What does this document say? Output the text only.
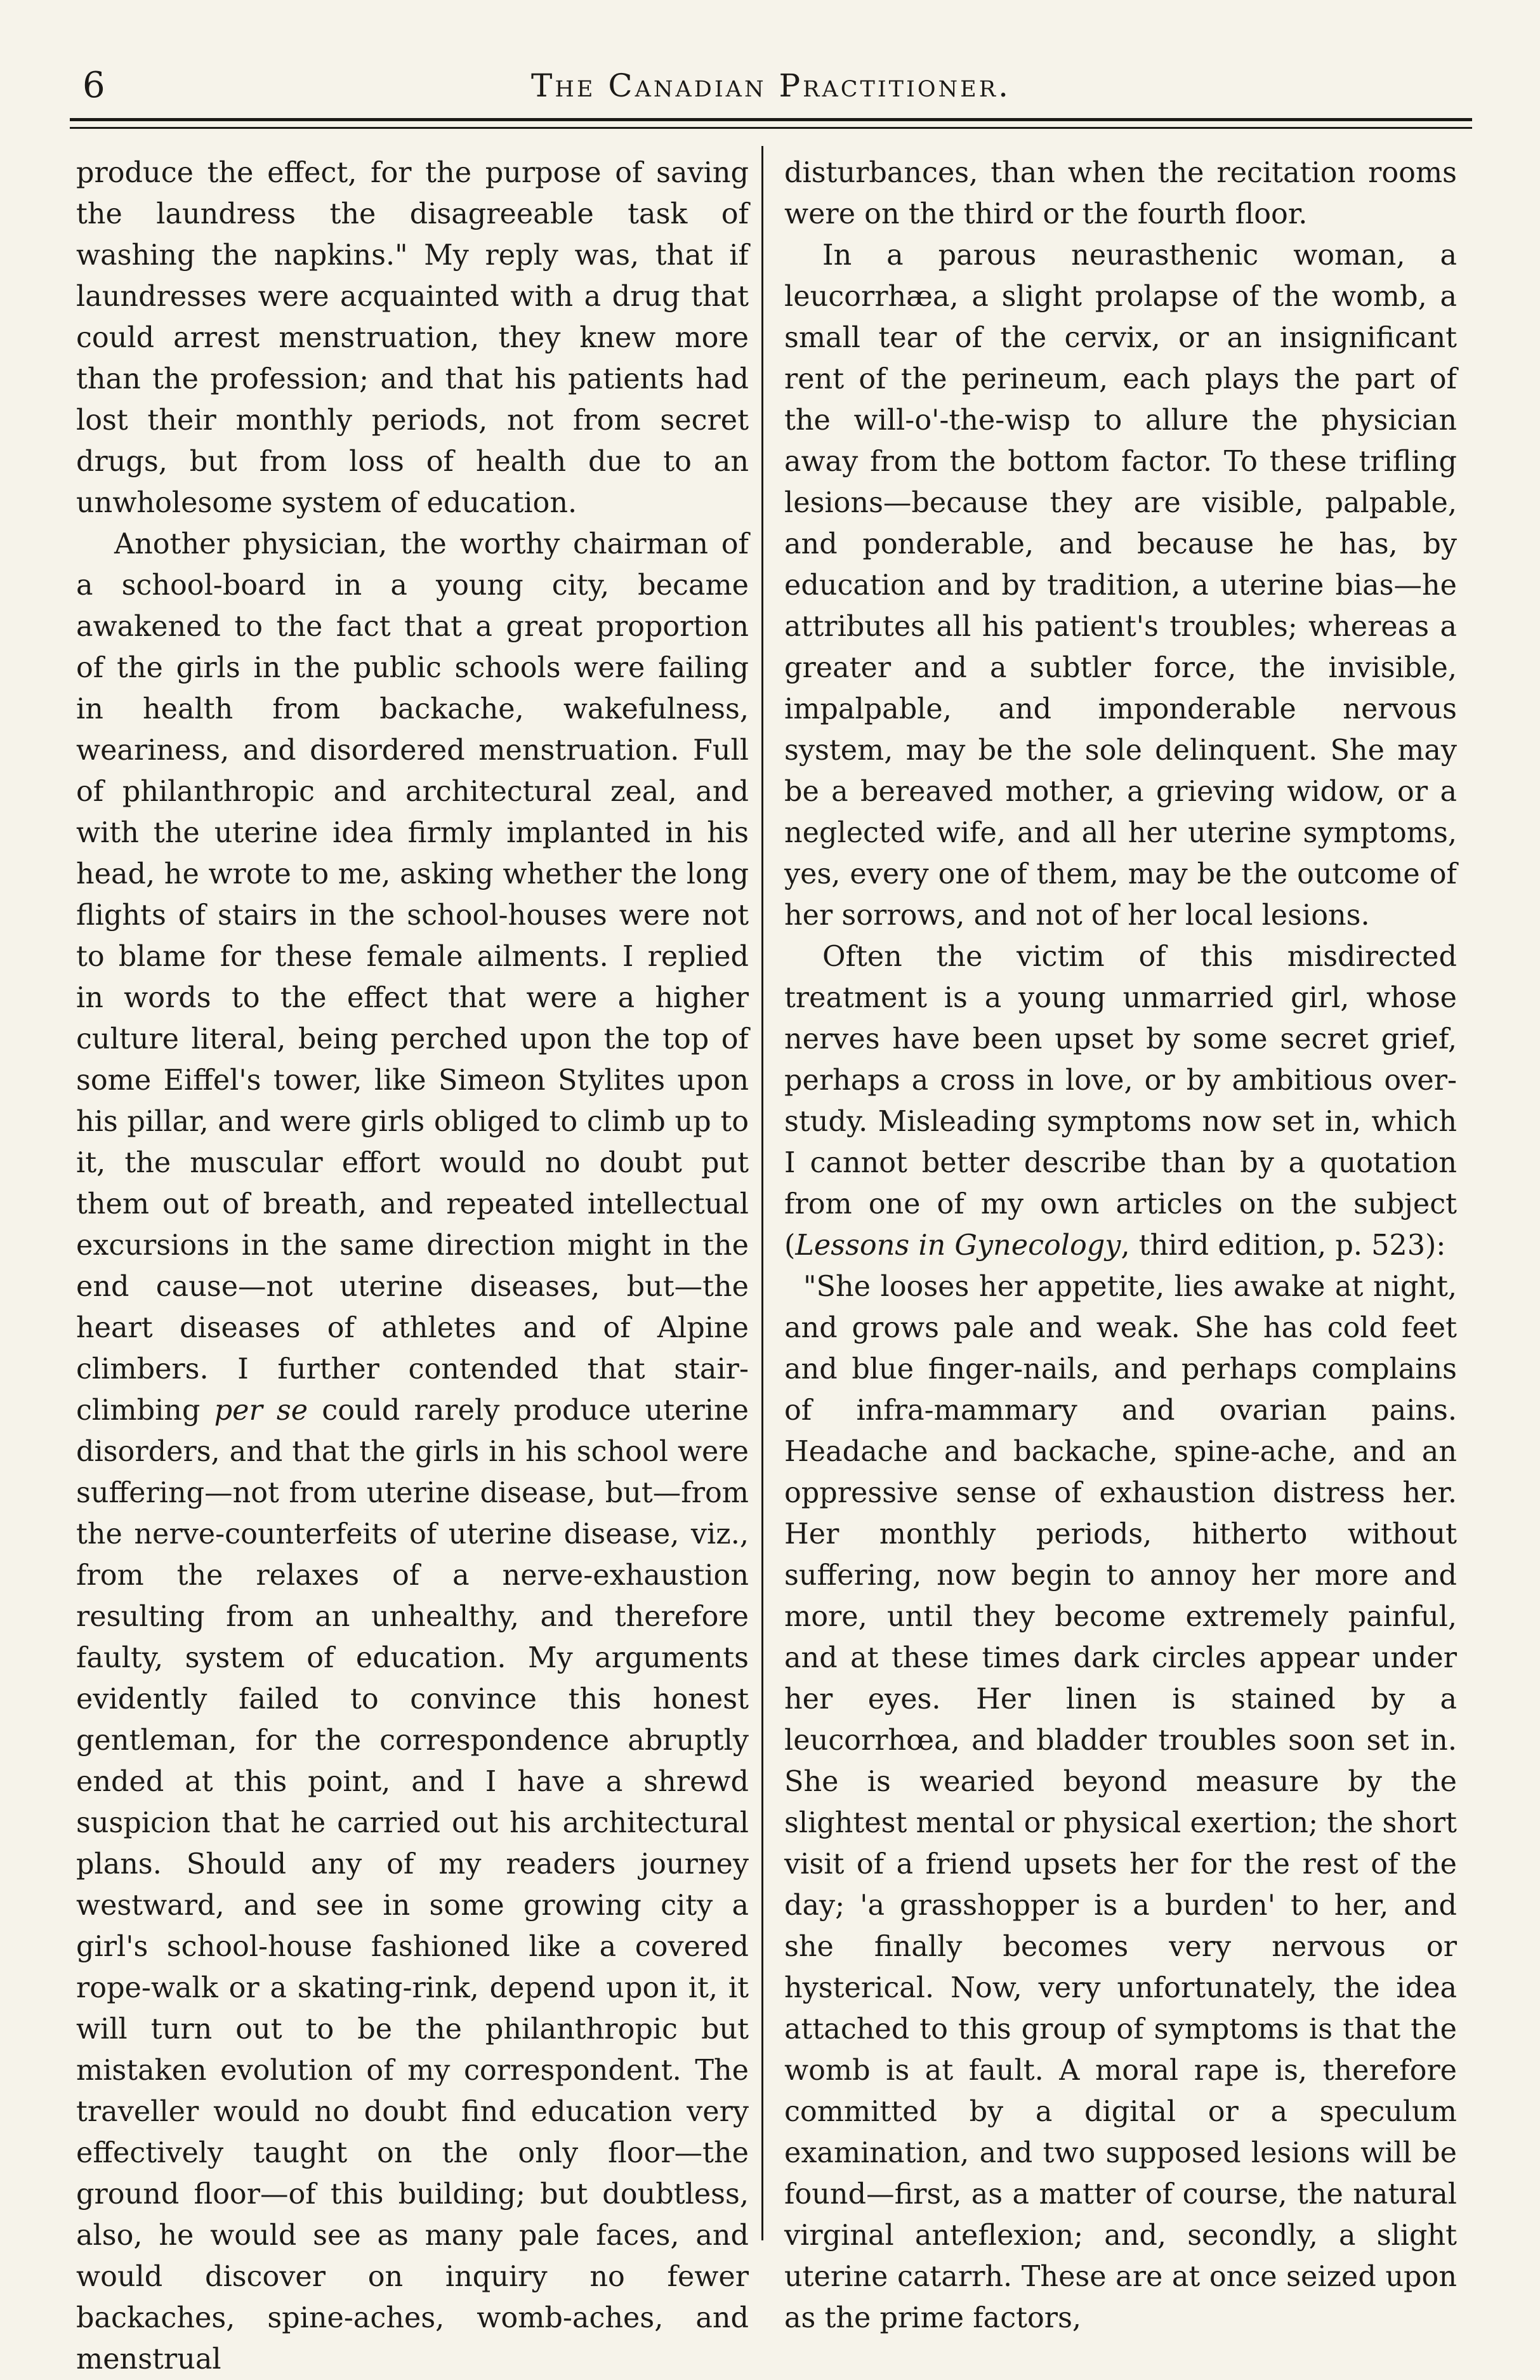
6	The Canadian Practitioner.

produce the effect, for the purpose of saving the laundress the disagreeable task of washing the napkins." My reply was, that if laundresses were acquainted with a drug that could arrest menstruation, they knew more than the profession; and that his patients had lost their monthly periods, not from secret drugs, but from loss of health due to an unwholesome system of education.

Another physician, the worthy chairman of a school-board in a young city, became awakened to the fact that a great proportion of the girls in the public schools were failing in health from backache, wakefulness, weariness, and disordered menstruation. Full of philanthropic and architectural zeal, and with the uterine idea firmly implanted in his head, he wrote to me, asking whether the long flights of stairs in the school-houses were not to blame for these female ailments. I replied in words to the effect that were a higher culture literal, being perched upon the top of some Eiffel's tower, like Simeon Stylites upon his pillar, and were girls obliged to climb up to it, the muscular effort would no doubt put them out of breath, and repeated intellectual excursions in the same direction might in the end cause—not uterine diseases, but—the heart diseases of athletes and of Alpine climbers. I further contended that stair-climbing per se could rarely produce uterine disorders, and that the girls in his school were suffering—not from uterine disease, but—from the nerve-counterfeits of uterine disease, viz., from the relaxes of a nerve-exhaustion resulting from an unhealthy, and therefore faulty, system of education. My arguments evidently failed to convince this honest gentleman, for the correspondence abruptly ended at this point, and I have a shrewd suspicion that he carried out his architectural plans. Should any of my readers journey westward, and see in some growing city a girl's school-house fashioned like a covered rope-walk or a skating-rink, depend upon it, it will turn out to be the philanthropic but mistaken evolution of my correspondent. The traveller would no doubt find education very effectively taught on the only floor—the ground floor—of this building; but doubtless, also, he would see as many pale faces, and would discover on inquiry no fewer backaches, spine-aches, womb-aches, and menstrual

disturbances, than when the recitation rooms were on the third or the fourth floor.

In a parous neurasthenic woman, a leucorrhæa, a slight prolapse of the womb, a small tear of the cervix, or an insignificant rent of the perineum, each plays the part of the will-o'-the-wisp to allure the physician away from the bottom factor. To these trifling lesions—because they are visible, palpable, and ponderable, and because he has, by education and by tradition, a uterine bias—he attributes all his patient's troubles; whereas a greater and a subtler force, the invisible, impalpable, and imponderable nervous system, may be the sole delinquent. She may be a bereaved mother, a grieving widow, or a neglected wife, and all her uterine symptoms, yes, every one of them, may be the outcome of her sorrows, and not of her local lesions.

Often the victim of this misdirected treatment is a young unmarried girl, whose nerves have been upset by some secret grief, perhaps a cross in love, or by ambitious over-study. Misleading symptoms now set in, which I cannot better describe than by a quotation from one of my own articles on the subject (Lessons in Gynecology, third edition, p. 523):

"She looses her appetite, lies awake at night, and grows pale and weak. She has cold feet and blue finger-nails, and perhaps complains of infra-mammary and ovarian pains. Headache and backache, spine-ache, and an oppressive sense of exhaustion distress her. Her monthly periods, hitherto without suffering, now begin to annoy her more and more, until they become extremely painful, and at these times dark circles appear under her eyes. Her linen is stained by a leucorrhœa, and bladder troubles soon set in. She is wearied beyond measure by the slightest mental or physical exertion; the short visit of a friend upsets her for the rest of the day; 'a grasshopper is a burden' to her, and she finally becomes very nervous or hysterical. Now, very unfortunately, the idea attached to this group of symptoms is that the womb is at fault. A moral rape is, therefore committed by a digital or a speculum examination, and two supposed lesions will be found—first, as a matter of course, the natural virginal anteflexion; and, secondly, a slight uterine catarrh. These are at once seized upon as the prime factors,
